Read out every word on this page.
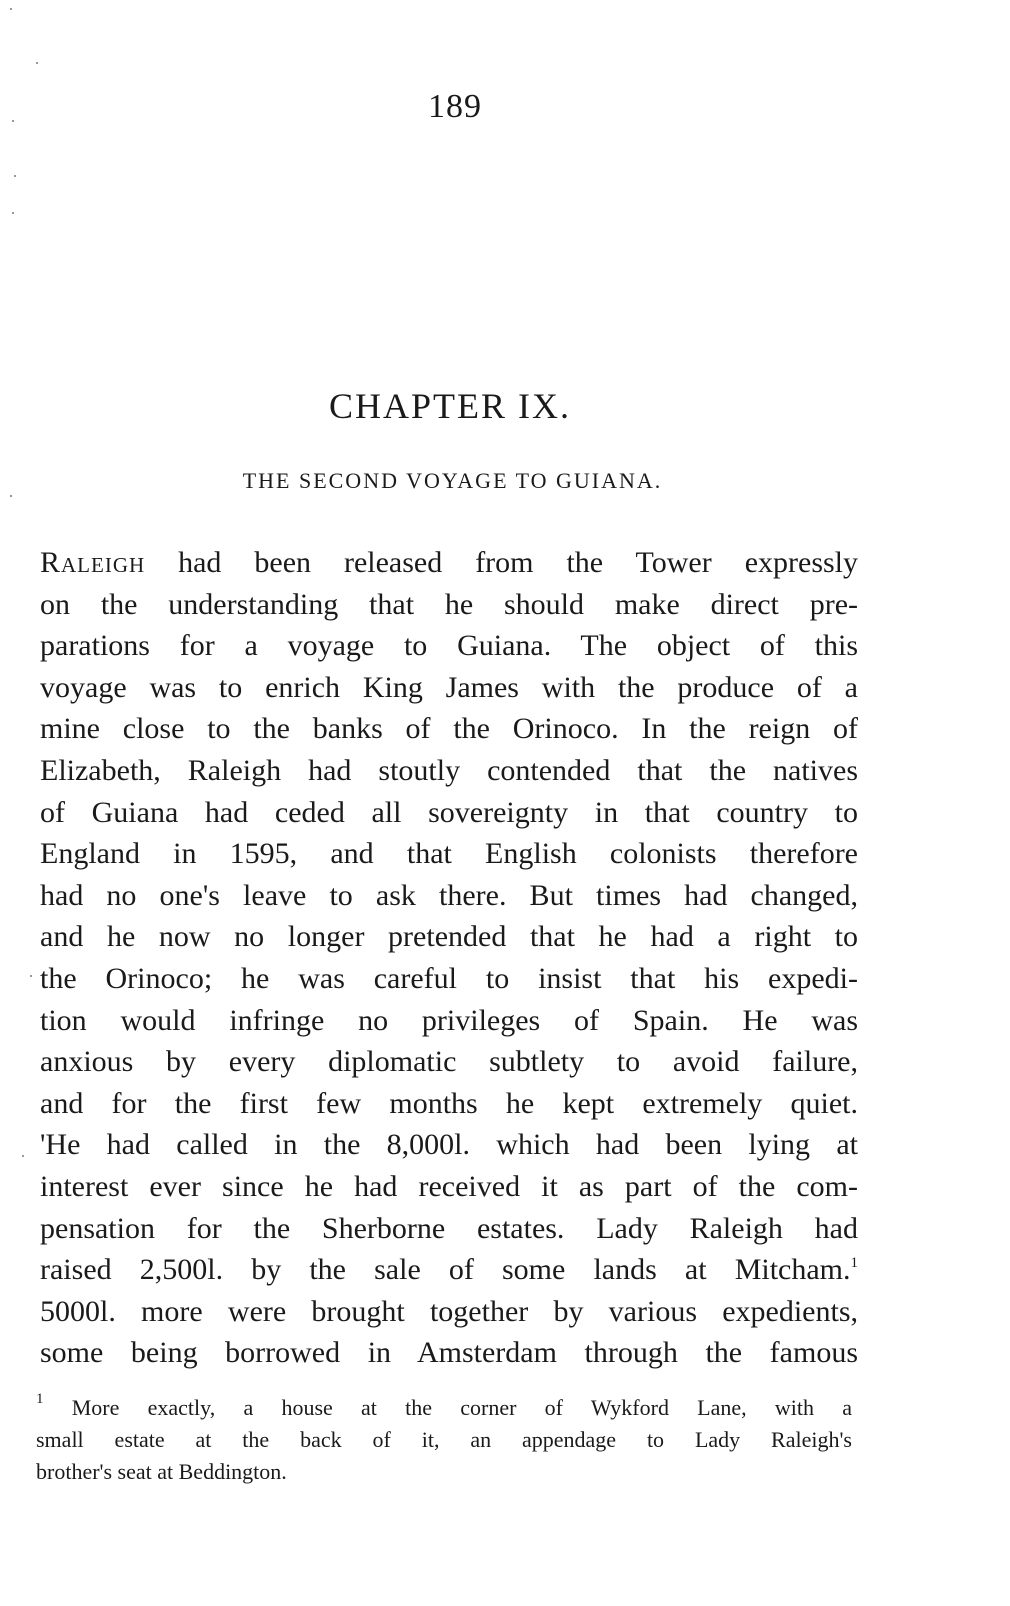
189
CHAPTER IX.
THE SECOND VOYAGE TO GUIANA.
Raleigh had been released from the Tower expressly
on the understanding that he should make direct pre-
parations for a voyage to Guiana. The object of this
voyage was to enrich King James with the produce of a
mine close to the banks of the Orinoco. In the reign of
Elizabeth, Raleigh had stoutly contended that the natives
of Guiana had ceded all sovereignty in that country to
England in 1595, and that English colonists therefore
had no one's leave to ask there. But times had changed,
and he now no longer pretended that he had a right to
the Orinoco; he was careful to insist that his expedi-
tion would infringe no privileges of Spain. He was
anxious by every diplomatic subtlety to avoid failure,
and for the first few months he kept extremely quiet.
'He had called in the 8,000l. which had been lying at
interest ever since he had received it as part of the com-
pensation for the Sherborne estates. Lady Raleigh had
raised 2,500l. by the sale of some lands at Mitcham.$^1$
5000l. more were brought together by various expedients,
some being borrowed in Amsterdam through the famous
$^1$ More exactly, a house at the corner of Wykford Lane, with a
small estate at the back of it, an appendage to Lady Raleigh's
brother's seat at Beddington.
